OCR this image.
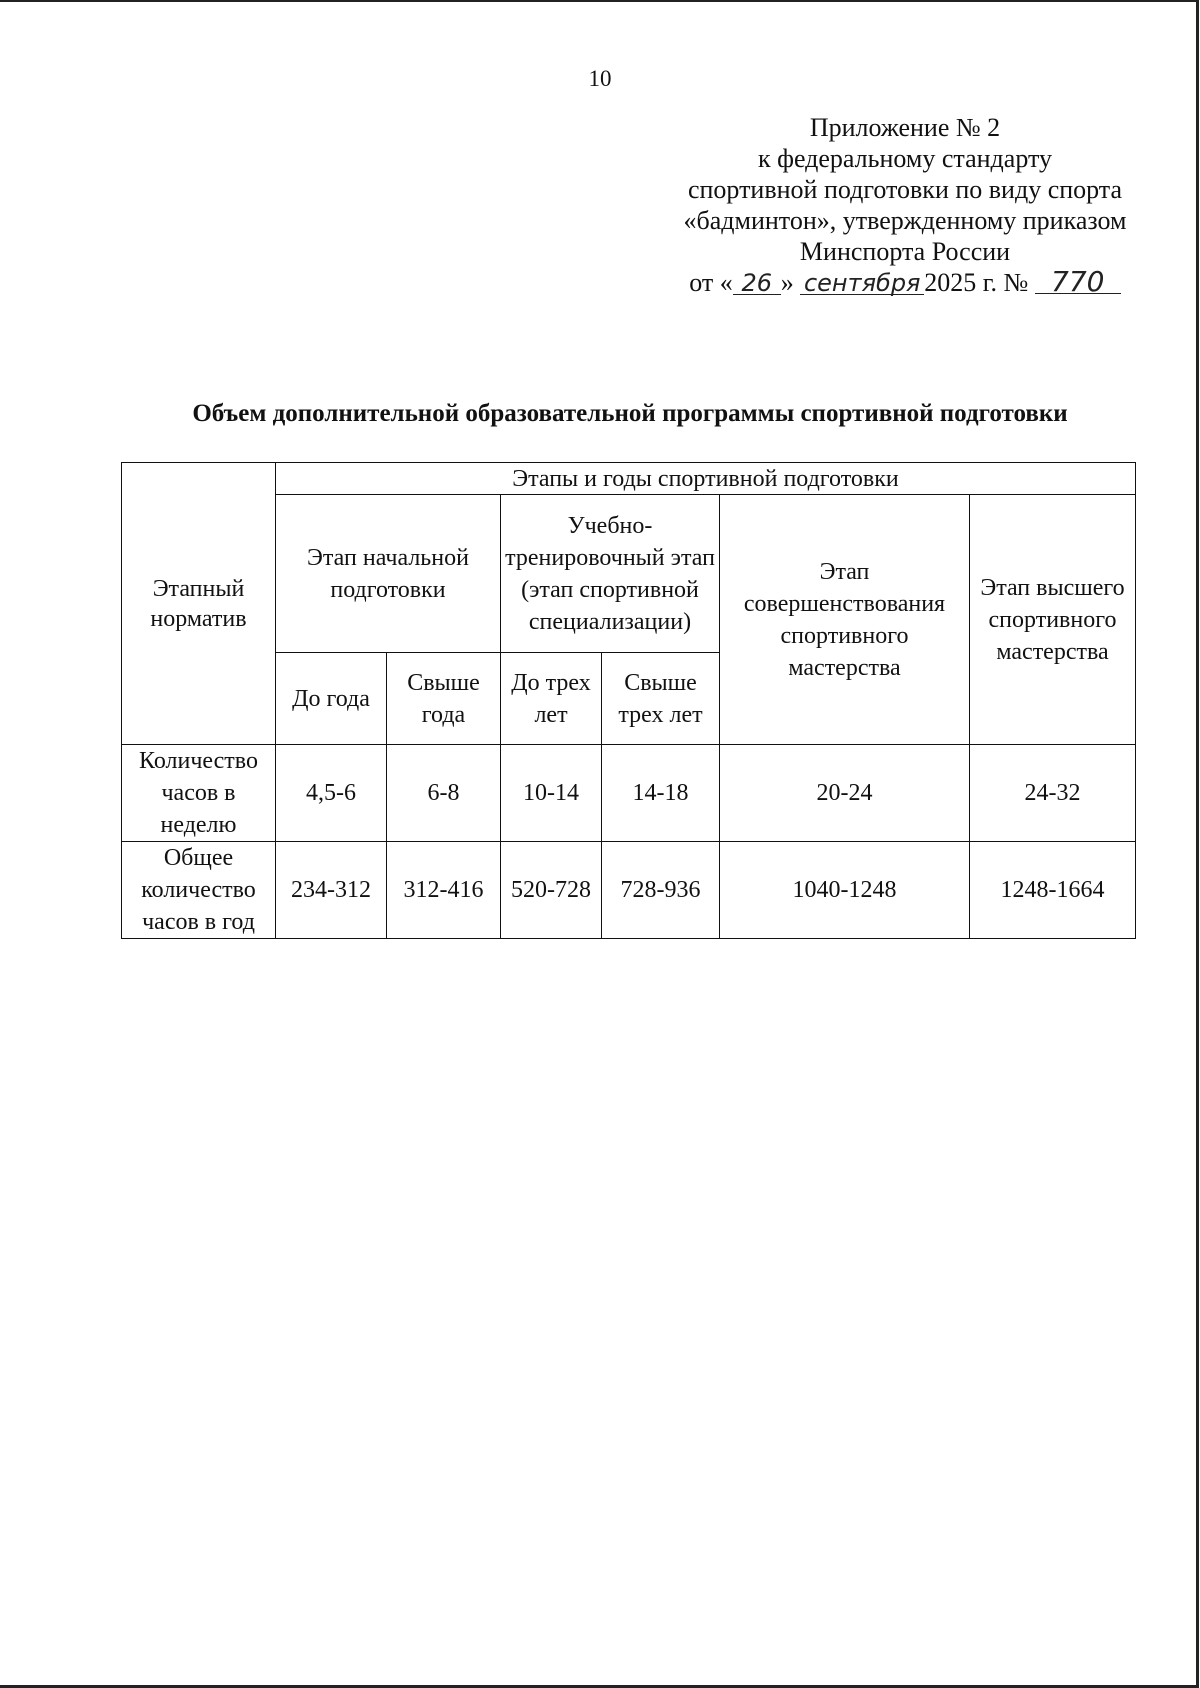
10
Приложение № 2
к федеральному стандарту
спортивной подготовки по виду спорта
«бадминтон», утвержденному приказом
Минспорта России
от « 26 » сентября 2025 г. № 770
Объем дополнительной образовательной программы спортивной подготовки
Этапный норматив	Этапы и годы спортивной подготовки					
	Этап начальной подготовки		Учебно-тренировочный этап (этап спортивной специализации)		Этап совершенствования спортивного мастерства	Этап высшего спортивного мастерства
	До года	Свыше года	До трех лет	Свыше трех лет		
Количество часов в неделю	4,5-6	6-8	10-14	14-18	20-24	24-32
Общее количество часов в год	234-312	312-416	520-728	728-936	1040-1248	1248-1664
